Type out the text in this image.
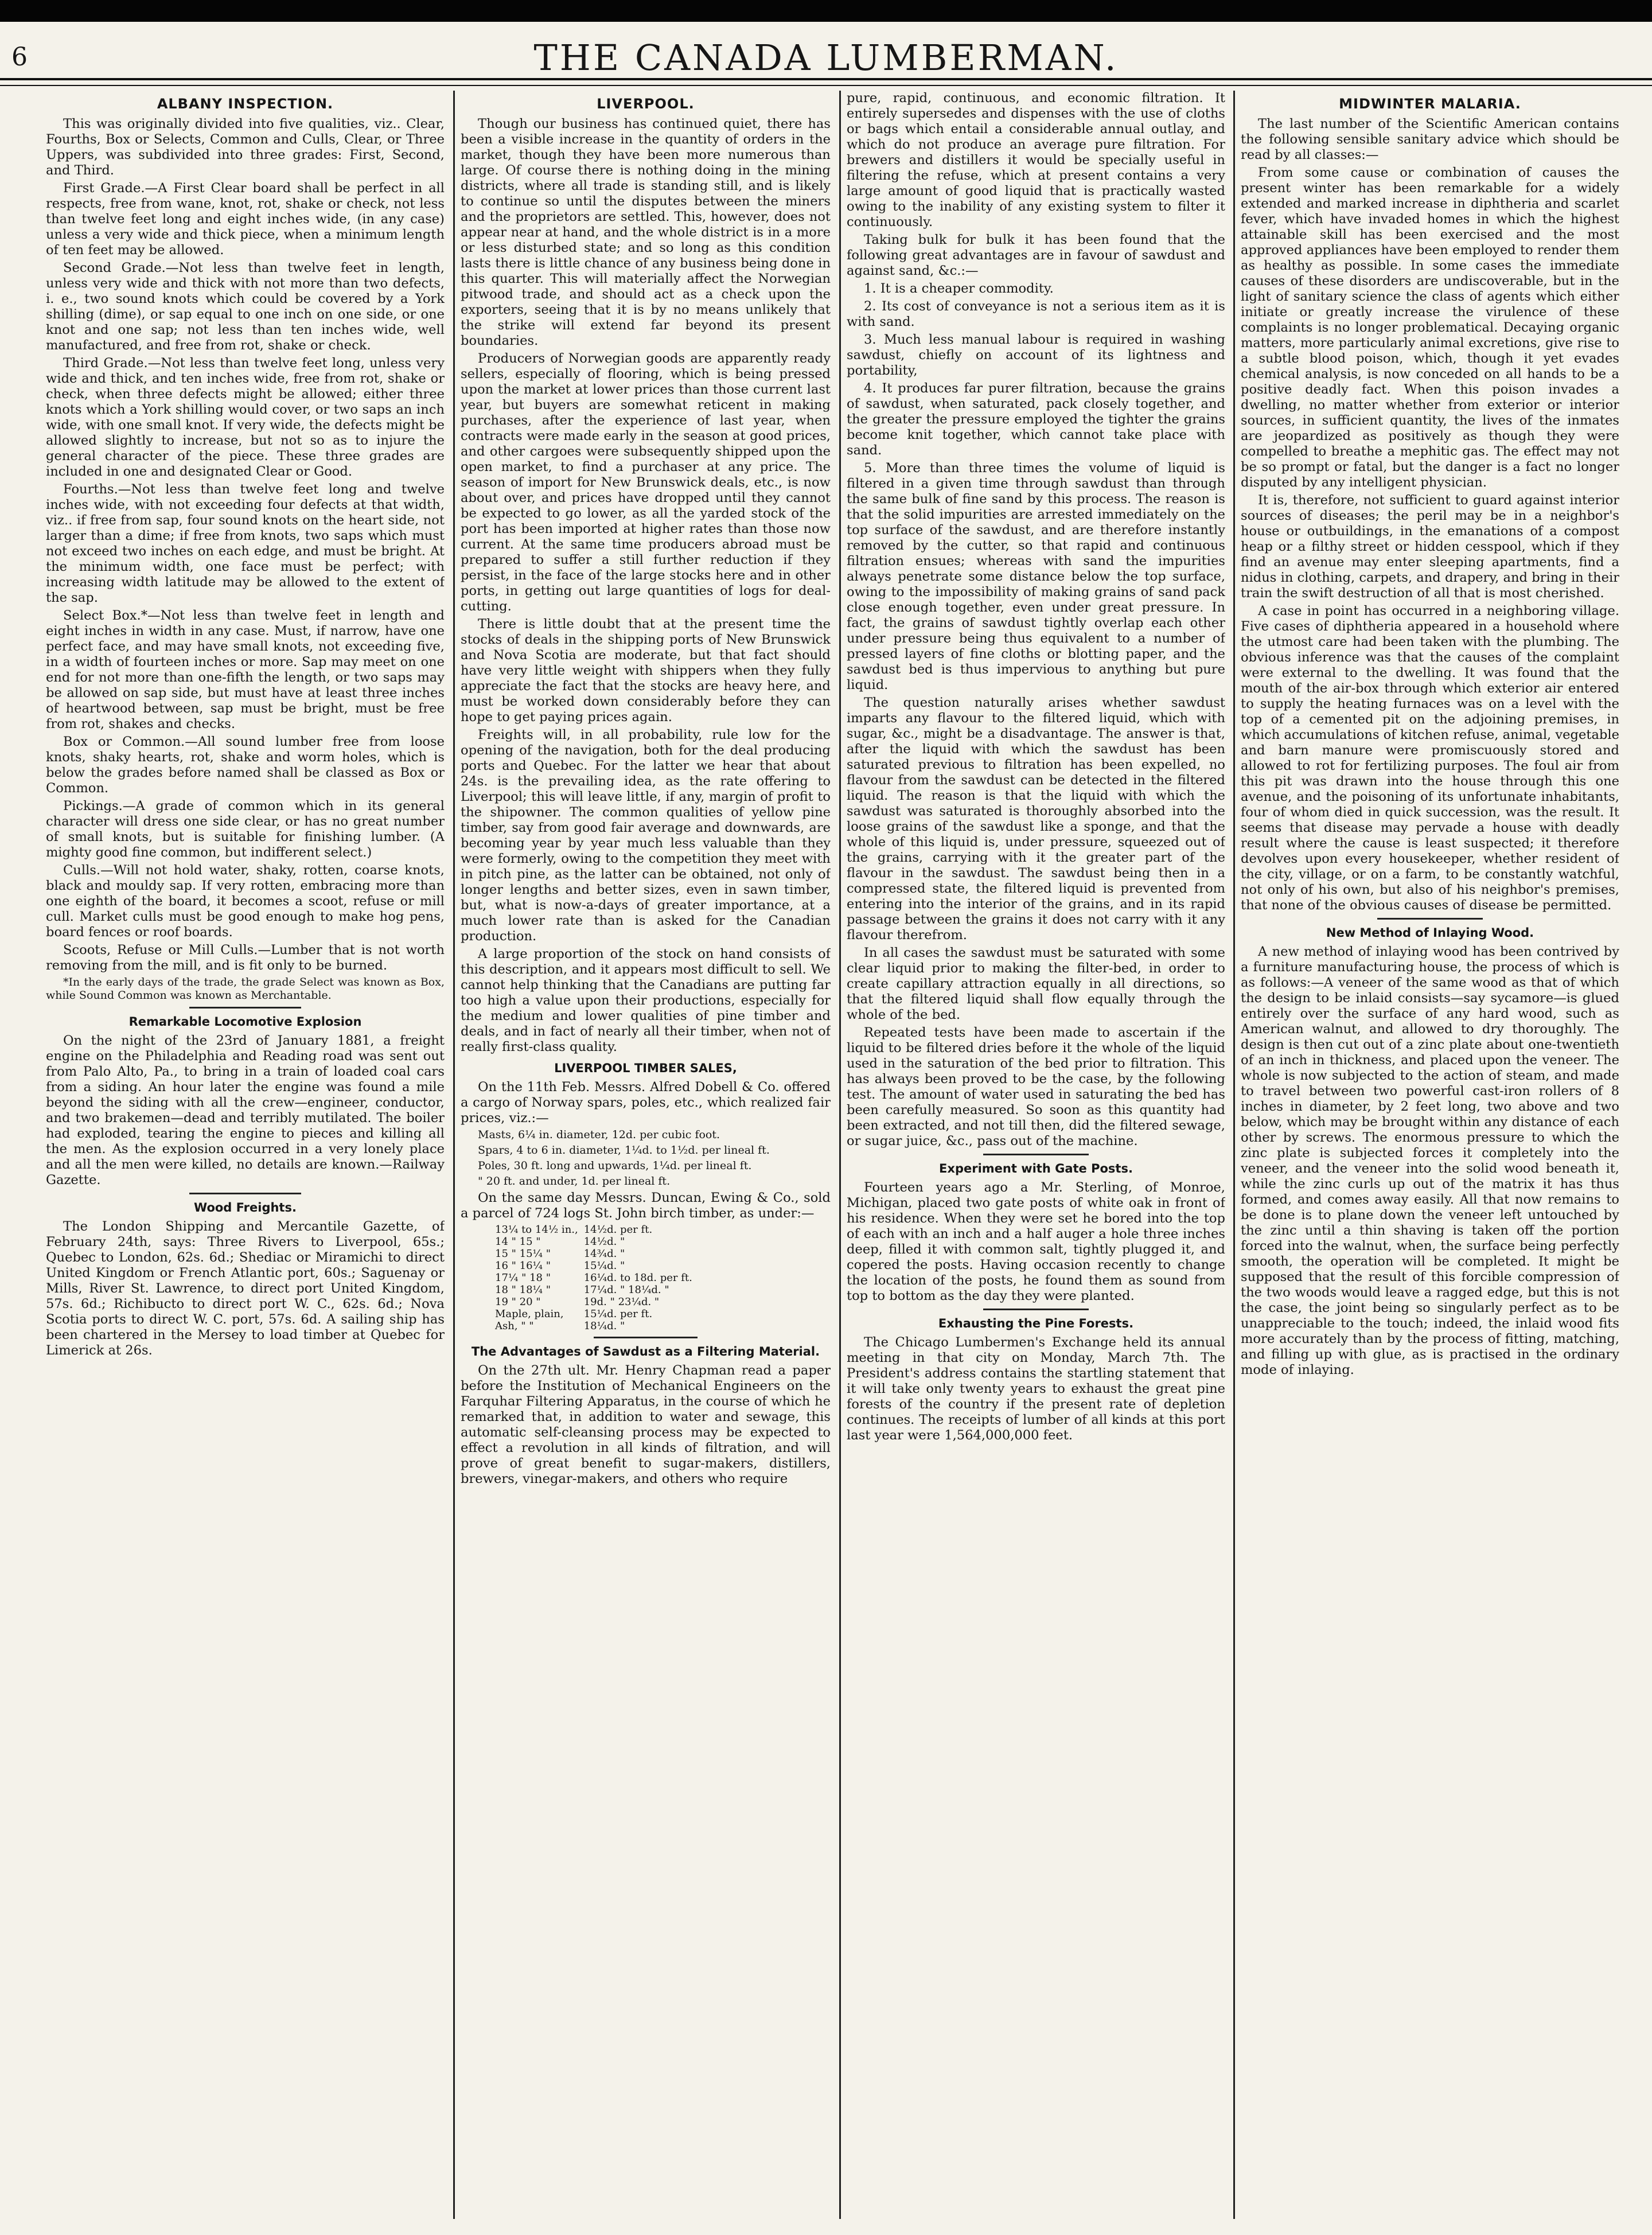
6	THE CANADA LUMBERMAN.

ALBANY INSPECTION.

This was originally divided into five qualities, viz.. Clear, Fourths, Box or Selects, Common and Culls, Clear, or Three Uppers, was subdivided into three grades: First, Second, and Third.

First Grade.—A First Clear board shall be perfect in all respects, free from wane, knot, rot, shake or check, not less than twelve feet long and eight inches wide, (in any case) unless a very wide and thick piece, when a minimum length of ten feet may be allowed.

Second Grade.—Not less than twelve feet in length, unless very wide and thick with not more than two defects, i. e., two sound knots which could be covered by a York shilling (dime), or sap equal to one inch on one side, or one knot and one sap; not less than ten inches wide, well manufactured, and free from rot, shake or check.

Third Grade.—Not less than twelve feet long, unless very wide and thick, and ten inches wide, free from rot, shake or check, when three defects might be allowed; either three knots which a York shilling would cover, or two saps an inch wide, with one small knot. If very wide, the defects might be allowed slightly to increase, but not so as to injure the general character of the piece. These three grades are included in one and designated Clear or Good.

Fourths.—Not less than twelve feet long and twelve inches wide, with not exceeding four defects at that width, viz.. if free from sap, four sound knots on the heart side, not larger than a dime; if free from knots, two saps which must not exceed two inches on each edge, and must be bright. At the minimum width, one face must be perfect; with increasing width latitude may be allowed to the extent of the sap.

Select Box.*—Not less than twelve feet in length and eight inches in width in any case. Must, if narrow, have one perfect face, and may have small knots, not exceeding five, in a width of fourteen inches or more. Sap may meet on one end for not more than one-fifth the length, or two saps may be allowed on sap side, but must have at least three inches of heartwood between, sap must be bright, must be free from rot, shakes and checks.

Box or Common.—All sound lumber free from loose knots, shaky hearts, rot, shake and worm holes, which is below the grades before named shall be classed as Box or Common.

Pickings.—A grade of common which in its general character will dress one side clear, or has no great number of small knots, but is suitable for finishing lumber. (A mighty good fine common, but indifferent select.)

Culls.—Will not hold water, shaky, rotten, coarse knots, black and mouldy sap. If very rotten, embracing more than one eighth of the board, it becomes a scoot, refuse or mill cull. Market culls must be good enough to make hog pens, board fences or roof boards.

Scoots, Refuse or Mill Culls.—Lumber that is not worth removing from the mill, and is fit only to be burned.

*In the early days of the trade, the grade Select was known as Box, while Sound Common was known as Merchantable.

Remarkable Locomotive Explosion

On the night of the 23rd of January 1881, a freight engine on the Philadelphia and Reading road was sent out from Palo Alto, Pa., to bring in a train of loaded coal cars from a siding. An hour later the engine was found a mile beyond the siding with all the crew—engineer, conductor, and two brakemen—dead and terribly mutilated. The boiler had exploded, tearing the engine to pieces and killing all the men. As the explosion occurred in a very lonely place and all the men were killed, no details are known.—Railway Gazette.

Wood Freights.

The London Shipping and Mercantile Gazette, of February 24th, says: Three Rivers to Liverpool, 65s.; Quebec to London, 62s. 6d.; Shediac or Miramichi to direct United Kingdom or French Atlantic port, 60s.; Saguenay or Mills, River St. Lawrence, to direct port United Kingdom, 57s. 6d.; Richibucto to direct port W. C., 62s. 6d.; Nova Scotia ports to direct W. C. port, 57s. 6d. A sailing ship has been chartered in the Mersey to load timber at Quebec for Limerick at 26s.

LIVERPOOL.

Though our business has continued quiet, there has been a visible increase in the quantity of orders in the market, though they have been more numerous than large. Of course there is nothing doing in the mining districts, where all trade is standing still, and is likely to continue so until the disputes between the miners and the proprietors are settled. This, however, does not appear near at hand, and the whole district is in a more or less disturbed state; and so long as this condition lasts there is little chance of any business being done in this quarter. This will materially affect the Norwegian pitwood trade, and should act as a check upon the exporters, seeing that it is by no means unlikely that the strike will extend far beyond its present boundaries.

Producers of Norwegian goods are apparently ready sellers, especially of flooring, which is being pressed upon the market at lower prices than those current last year, but buyers are somewhat reticent in making purchases, after the experience of last year, when contracts were made early in the season at good prices, and other cargoes were subsequently shipped upon the open market, to find a purchaser at any price. The season of import for New Brunswick deals, etc., is now about over, and prices have dropped until they cannot be expected to go lower, as all the yarded stock of the port has been imported at higher rates than those now current. At the same time producers abroad must be prepared to suffer a still further reduction if they persist, in the face of the large stocks here and in other ports, in getting out large quantities of logs for deal-cutting.

There is little doubt that at the present time the stocks of deals in the shipping ports of New Brunswick and Nova Scotia are moderate, but that fact should have very little weight with shippers when they fully appreciate the fact that the stocks are heavy here, and must be worked down considerably before they can hope to get paying prices again.

Freights will, in all probability, rule low for the opening of the navigation, both for the deal producing ports and Quebec. For the latter we hear that about 24s. is the prevailing idea, as the rate offering to Liverpool; this will leave little, if any, margin of profit to the shipowner. The common qualities of yellow pine timber, say from good fair average and downwards, are becoming year by year much less valuable than they were formerly, owing to the competition they meet with in pitch pine, as the latter can be obtained, not only of longer lengths and better sizes, even in sawn timber, but, what is now-a-days of greater importance, at a much lower rate than is asked for the Canadian production.

A large proportion of the stock on hand consists of this description, and it appears most difficult to sell. We cannot help thinking that the Canadians are putting far too high a value upon their productions, especially for the medium and lower qualities of pine timber and deals, and in fact of nearly all their timber, when not of really first-class quality.

LIVERPOOL TIMBER SALES,

On the 11th Feb. Messrs. Alfred Dobell & Co. offered a cargo of Norway spars, poles, etc., which realized fair prices, viz.:—

Masts, 6¼ in. diameter, 12d. per cubic foot.

Spars, 4 to 6 in. diameter, 1¼d. to 1½d. per lineal ft.

Poles, 30 ft. long and upwards, 1¼d. per lineal ft.

" 20 ft. and under, 1d. per lineal ft.

On the same day Messrs. Duncan, Ewing & Co., sold a parcel of 724 logs St. John birch timber, as under:—

13¼ to 14½ in.,	14½d. per ft.
14 " 15 "	14½d. "
15 " 15¼ "	14¾d. "
16 " 16¼ "	15¼d. "
17¼ " 18 "	16¼d. to 18d. per ft.
18 " 18¼ "	17¼d. " 18¼d. "
19 " 20 "	19d. " 23¼d. "
Maple, plain,	15¼d. per ft.
Ash, " "	18¼d. "

The Advantages of Sawdust as a Filtering Material.

On the 27th ult. Mr. Henry Chapman read a paper before the Institution of Mechanical Engineers on the Farquhar Filtering Apparatus, in the course of which he remarked that, in addition to water and sewage, this automatic self-cleansing process may be expected to effect a revolution in all kinds of filtration, and will prove of great benefit to sugar-makers, distillers, brewers, vinegar-makers, and others who require

pure, rapid, continuous, and economic filtration. It entirely supersedes and dispenses with the use of cloths or bags which entail a considerable annual outlay, and which do not produce an average pure filtration. For brewers and distillers it would be specially useful in filtering the refuse, which at present contains a very large amount of good liquid that is practically wasted owing to the inability of any existing system to filter it continuously.

Taking bulk for bulk it has been found that the following great advantages are in favour of sawdust and against sand, &c.:—

1. It is a cheaper commodity.

2. Its cost of conveyance is not a serious item as it is with sand.

3. Much less manual labour is required in washing sawdust, chiefly on account of its lightness and portability,

4. It produces far purer filtration, because the grains of sawdust, when saturated, pack closely together, and the greater the pressure employed the tighter the grains become knit together, which cannot take place with sand.

5. More than three times the volume of liquid is filtered in a given time through sawdust than through the same bulk of fine sand by this process. The reason is that the solid impurities are arrested immediately on the top surface of the sawdust, and are therefore instantly removed by the cutter, so that rapid and continuous filtration ensues; whereas with sand the impurities always penetrate some distance below the top surface, owing to the impossibility of making grains of sand pack close enough together, even under great pressure. In fact, the grains of sawdust tightly overlap each other under pressure being thus equivalent to a number of pressed layers of fine cloths or blotting paper, and the sawdust bed is thus impervious to anything but pure liquid.

The question naturally arises whether sawdust imparts any flavour to the filtered liquid, which with sugar, &c., might be a disadvantage. The answer is that, after the liquid with which the sawdust has been saturated previous to filtration has been expelled, no flavour from the sawdust can be detected in the filtered liquid. The reason is that the liquid with which the sawdust was saturated is thoroughly absorbed into the loose grains of the sawdust like a sponge, and that the whole of this liquid is, under pressure, squeezed out of the grains, carrying with it the greater part of the flavour in the sawdust. The sawdust being then in a compressed state, the filtered liquid is prevented from entering into the interior of the grains, and in its rapid passage between the grains it does not carry with it any flavour therefrom.

In all cases the sawdust must be saturated with some clear liquid prior to making the filter-bed, in order to create capillary attraction equally in all directions, so that the filtered liquid shall flow equally through the whole of the bed.

Repeated tests have been made to ascertain if the liquid to be filtered dries before it the whole of the liquid used in the saturation of the bed prior to filtration. This has always been proved to be the case, by the following test. The amount of water used in saturating the bed has been carefully measured. So soon as this quantity had been extracted, and not till then, did the filtered sewage, or sugar juice, &c., pass out of the machine.

Experiment with Gate Posts.

Fourteen years ago a Mr. Sterling, of Monroe, Michigan, placed two gate posts of white oak in front of his residence. When they were set he bored into the top of each with an inch and a half auger a hole three inches deep, filled it with common salt, tightly plugged it, and copered the posts. Having occasion recently to change the location of the posts, he found them as sound from top to bottom as the day they were planted.

Exhausting the Pine Forests.

The Chicago Lumbermen's Exchange held its annual meeting in that city on Monday, March 7th. The President's address contains the startling statement that it will take only twenty years to exhaust the great pine forests of the country if the present rate of depletion continues. The receipts of lumber of all kinds at this port last year were 1,564,000,000 feet.

MIDWINTER MALARIA.

The last number of the Scientific American contains the following sensible sanitary advice which should be read by all classes:—

From some cause or combination of causes the present winter has been remarkable for a widely extended and marked increase in diphtheria and scarlet fever, which have invaded homes in which the highest attainable skill has been exercised and the most approved appliances have been employed to render them as healthy as possible. In some cases the immediate causes of these disorders are undiscoverable, but in the light of sanitary science the class of agents which either initiate or greatly increase the virulence of these complaints is no longer problematical. Decaying organic matters, more particularly animal excretions, give rise to a subtle blood poison, which, though it yet evades chemical analysis, is now conceded on all hands to be a positive deadly fact. When this poison invades a dwelling, no matter whether from exterior or interior sources, in sufficient quantity, the lives of the inmates are jeopardized as positively as though they were compelled to breathe a mephitic gas. The effect may not be so prompt or fatal, but the danger is a fact no longer disputed by any intelligent physician.

It is, therefore, not sufficient to guard against interior sources of diseases; the peril may be in a neighbor's house or outbuildings, in the emanations of a compost heap or a filthy street or hidden cesspool, which if they find an avenue may enter sleeping apartments, find a nidus in clothing, carpets, and drapery, and bring in their train the swift destruction of all that is most cherished.

A case in point has occurred in a neighboring village. Five cases of diphtheria appeared in a household where the utmost care had been taken with the plumbing. The obvious inference was that the causes of the complaint were external to the dwelling. It was found that the mouth of the air-box through which exterior air entered to supply the heating furnaces was on a level with the top of a cemented pit on the adjoining premises, in which accumulations of kitchen refuse, animal, vegetable and barn manure were promiscuously stored and allowed to rot for fertilizing purposes. The foul air from this pit was drawn into the house through this one avenue, and the poisoning of its unfortunate inhabitants, four of whom died in quick succession, was the result. It seems that disease may pervade a house with deadly result where the cause is least suspected; it therefore devolves upon every housekeeper, whether resident of the city, village, or on a farm, to be constantly watchful, not only of his own, but also of his neighbor's premises, that none of the obvious causes of disease be permitted.

New Method of Inlaying Wood.

A new method of inlaying wood has been contrived by a furniture manufacturing house, the process of which is as follows:—A veneer of the same wood as that of which the design to be inlaid consists—say sycamore—is glued entirely over the surface of any hard wood, such as American walnut, and allowed to dry thoroughly. The design is then cut out of a zinc plate about one-twentieth of an inch in thickness, and placed upon the veneer. The whole is now subjected to the action of steam, and made to travel between two powerful cast-iron rollers of 8 inches in diameter, by 2 feet long, two above and two below, which may be brought within any distance of each other by screws. The enormous pressure to which the zinc plate is subjected forces it completely into the veneer, and the veneer into the solid wood beneath it, while the zinc curls up out of the matrix it has thus formed, and comes away easily. All that now remains to be done is to plane down the veneer left untouched by the zinc until a thin shaving is taken off the portion forced into the walnut, when, the surface being perfectly smooth, the operation will be completed. It might be supposed that the result of this forcible compression of the two woods would leave a ragged edge, but this is not the case, the joint being so singularly perfect as to be unappreciable to the touch; indeed, the inlaid wood fits more accurately than by the process of fitting, matching, and filling up with glue, as is practised in the ordinary mode of inlaying.
